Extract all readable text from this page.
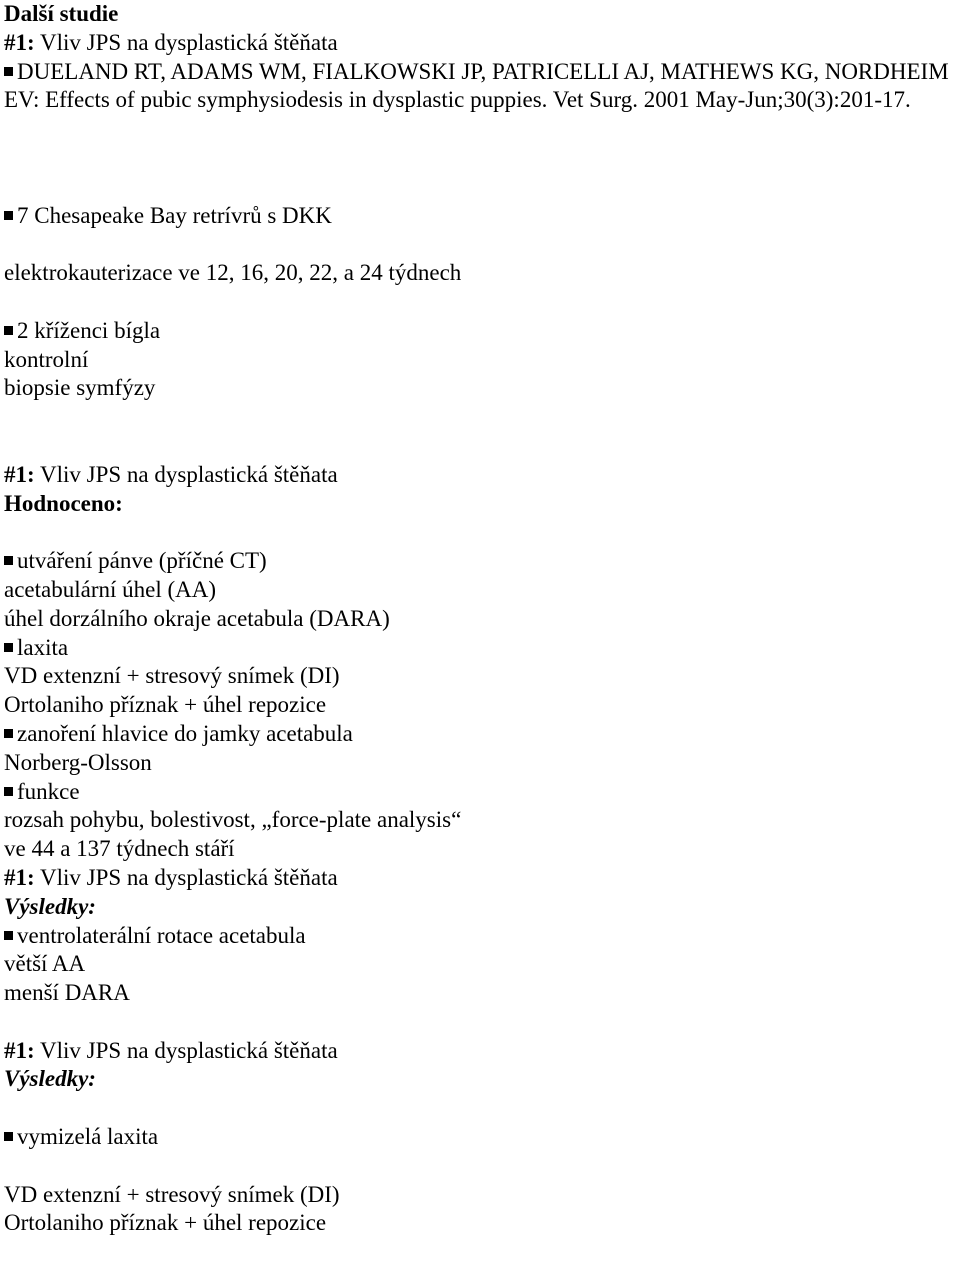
Další studie
#1: Vliv JPS na dysplastická štěňata
DUELAND RT, ADAMS WM, FIALKOWSKI JP, PATRICELLI AJ, MATHEWS KG, NORDHEIM EV: Effects of pubic symphysiodesis in dysplastic puppies. Vet Surg. 2001 May-Jun;30(3):201-17.
7 Chesapeake Bay retrívrů s DKK
elektrokauterizace ve 12, 16, 20, 22, a 24 týdnech
2 kříženci bígla
kontrolní
biopsie symfýzy
#1: Vliv JPS na dysplastická štěňata
Hodnoceno:
utváření pánve (příčné CT)
acetabulární úhel (AA)
úhel dorzálního okraje acetabula (DARA)
laxita
VD extenzní + stresový snímek (DI)
Ortolaniho příznak + úhel repozice
zanoření hlavice do jamky acetabula
Norberg-Olsson
funkce
rozsah pohybu, bolestivost, „force-plate analysis“
ve 44 a 137 týdnech stáří
#1: Vliv JPS na dysplastická štěňata
Výsledky:
ventrolaterální rotace acetabula
větší AA
menší DARA
#1: Vliv JPS na dysplastická štěňata
Výsledky:
vymizelá laxita
VD extenzní + stresový snímek (DI)
Ortolaniho příznak + úhel repozice
